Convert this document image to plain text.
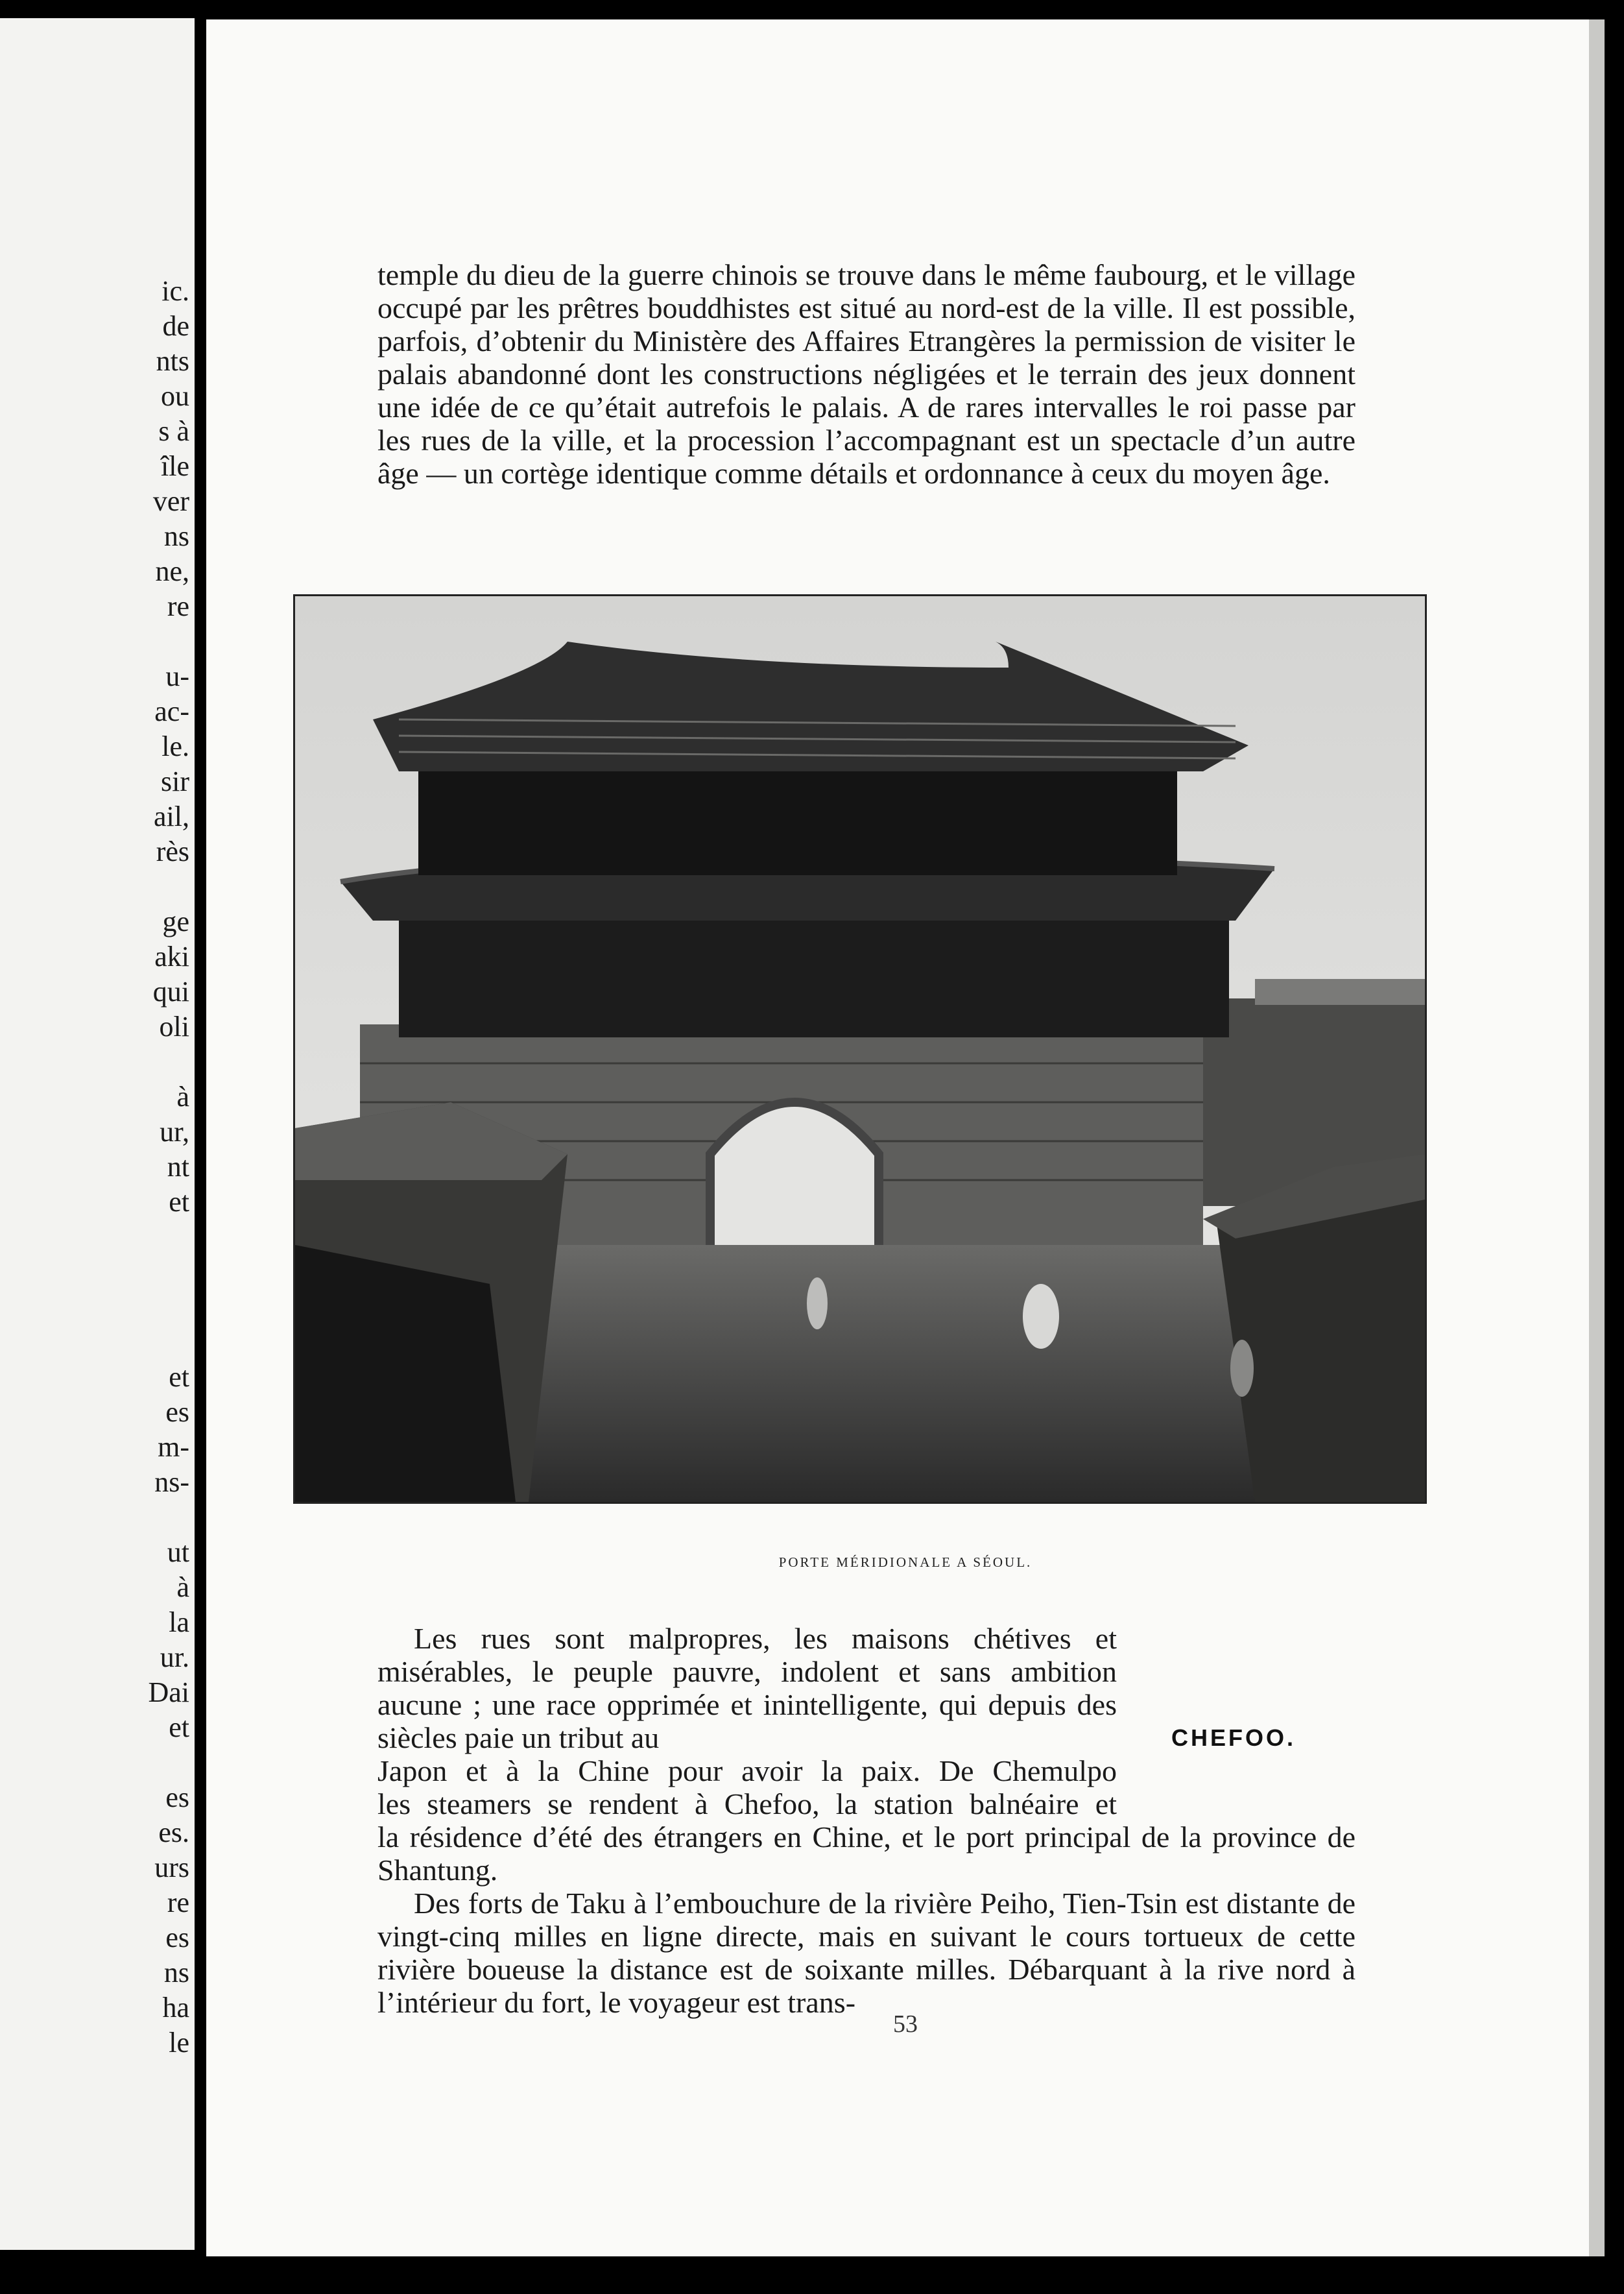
ic.
de
nts
ou
s à
île
ver
ns
ne,
re
u-
ac-
le.
sir
ail,
rès
ge
aki
qui
oli
à
ur,
nt
et
et
es
m-
ns-
ut
à
la
ur.
Dai
et
es
es.
urs
re
es
ns
ha
le

temple du dieu de la guerre chinois se trouve dans le même faubourg, et le village occupé par les prêtres bouddhistes est situé au nord-est de la ville. Il est possible, parfois, d’obtenir du Ministère des Affaires Etrangères la permission de visiter le palais abandonné dont les constructions négligées et le terrain des jeux donnent une idée de ce qu’était autrefois le palais. A de rares intervalles le roi passe par les rues de la ville, et la procession l’accompagnant est un spectacle d’un autre âge — un cortège identique comme détails et ordonnance à ceux du moyen âge.

PORTE MÉRIDIONALE A SÉOUL.

Les rues sont malpropres, les maisons chétives et misérables, le peuple pauvre, indolent et sans ambition aucune ; une race opprimée et inintelligente, qui depuis des siècles paie un tribut au

Japon et à la Chine pour avoir la paix. De Chemulpo

les steamers se rendent à Chefoo, la station balnéaire et

la résidence d’été des étrangers en Chine, et le port principal de la province de Shantung.

Des forts de Taku à l’embouchure de la rivière Peiho, Tien-Tsin est distante de vingt-cinq milles en ligne directe, mais en suivant le cours tortueux de cette rivière boueuse la distance est de soixante milles. Débarquant à la rive nord à l’intérieur du fort, le voyageur est trans-

CHEFOO.
53
